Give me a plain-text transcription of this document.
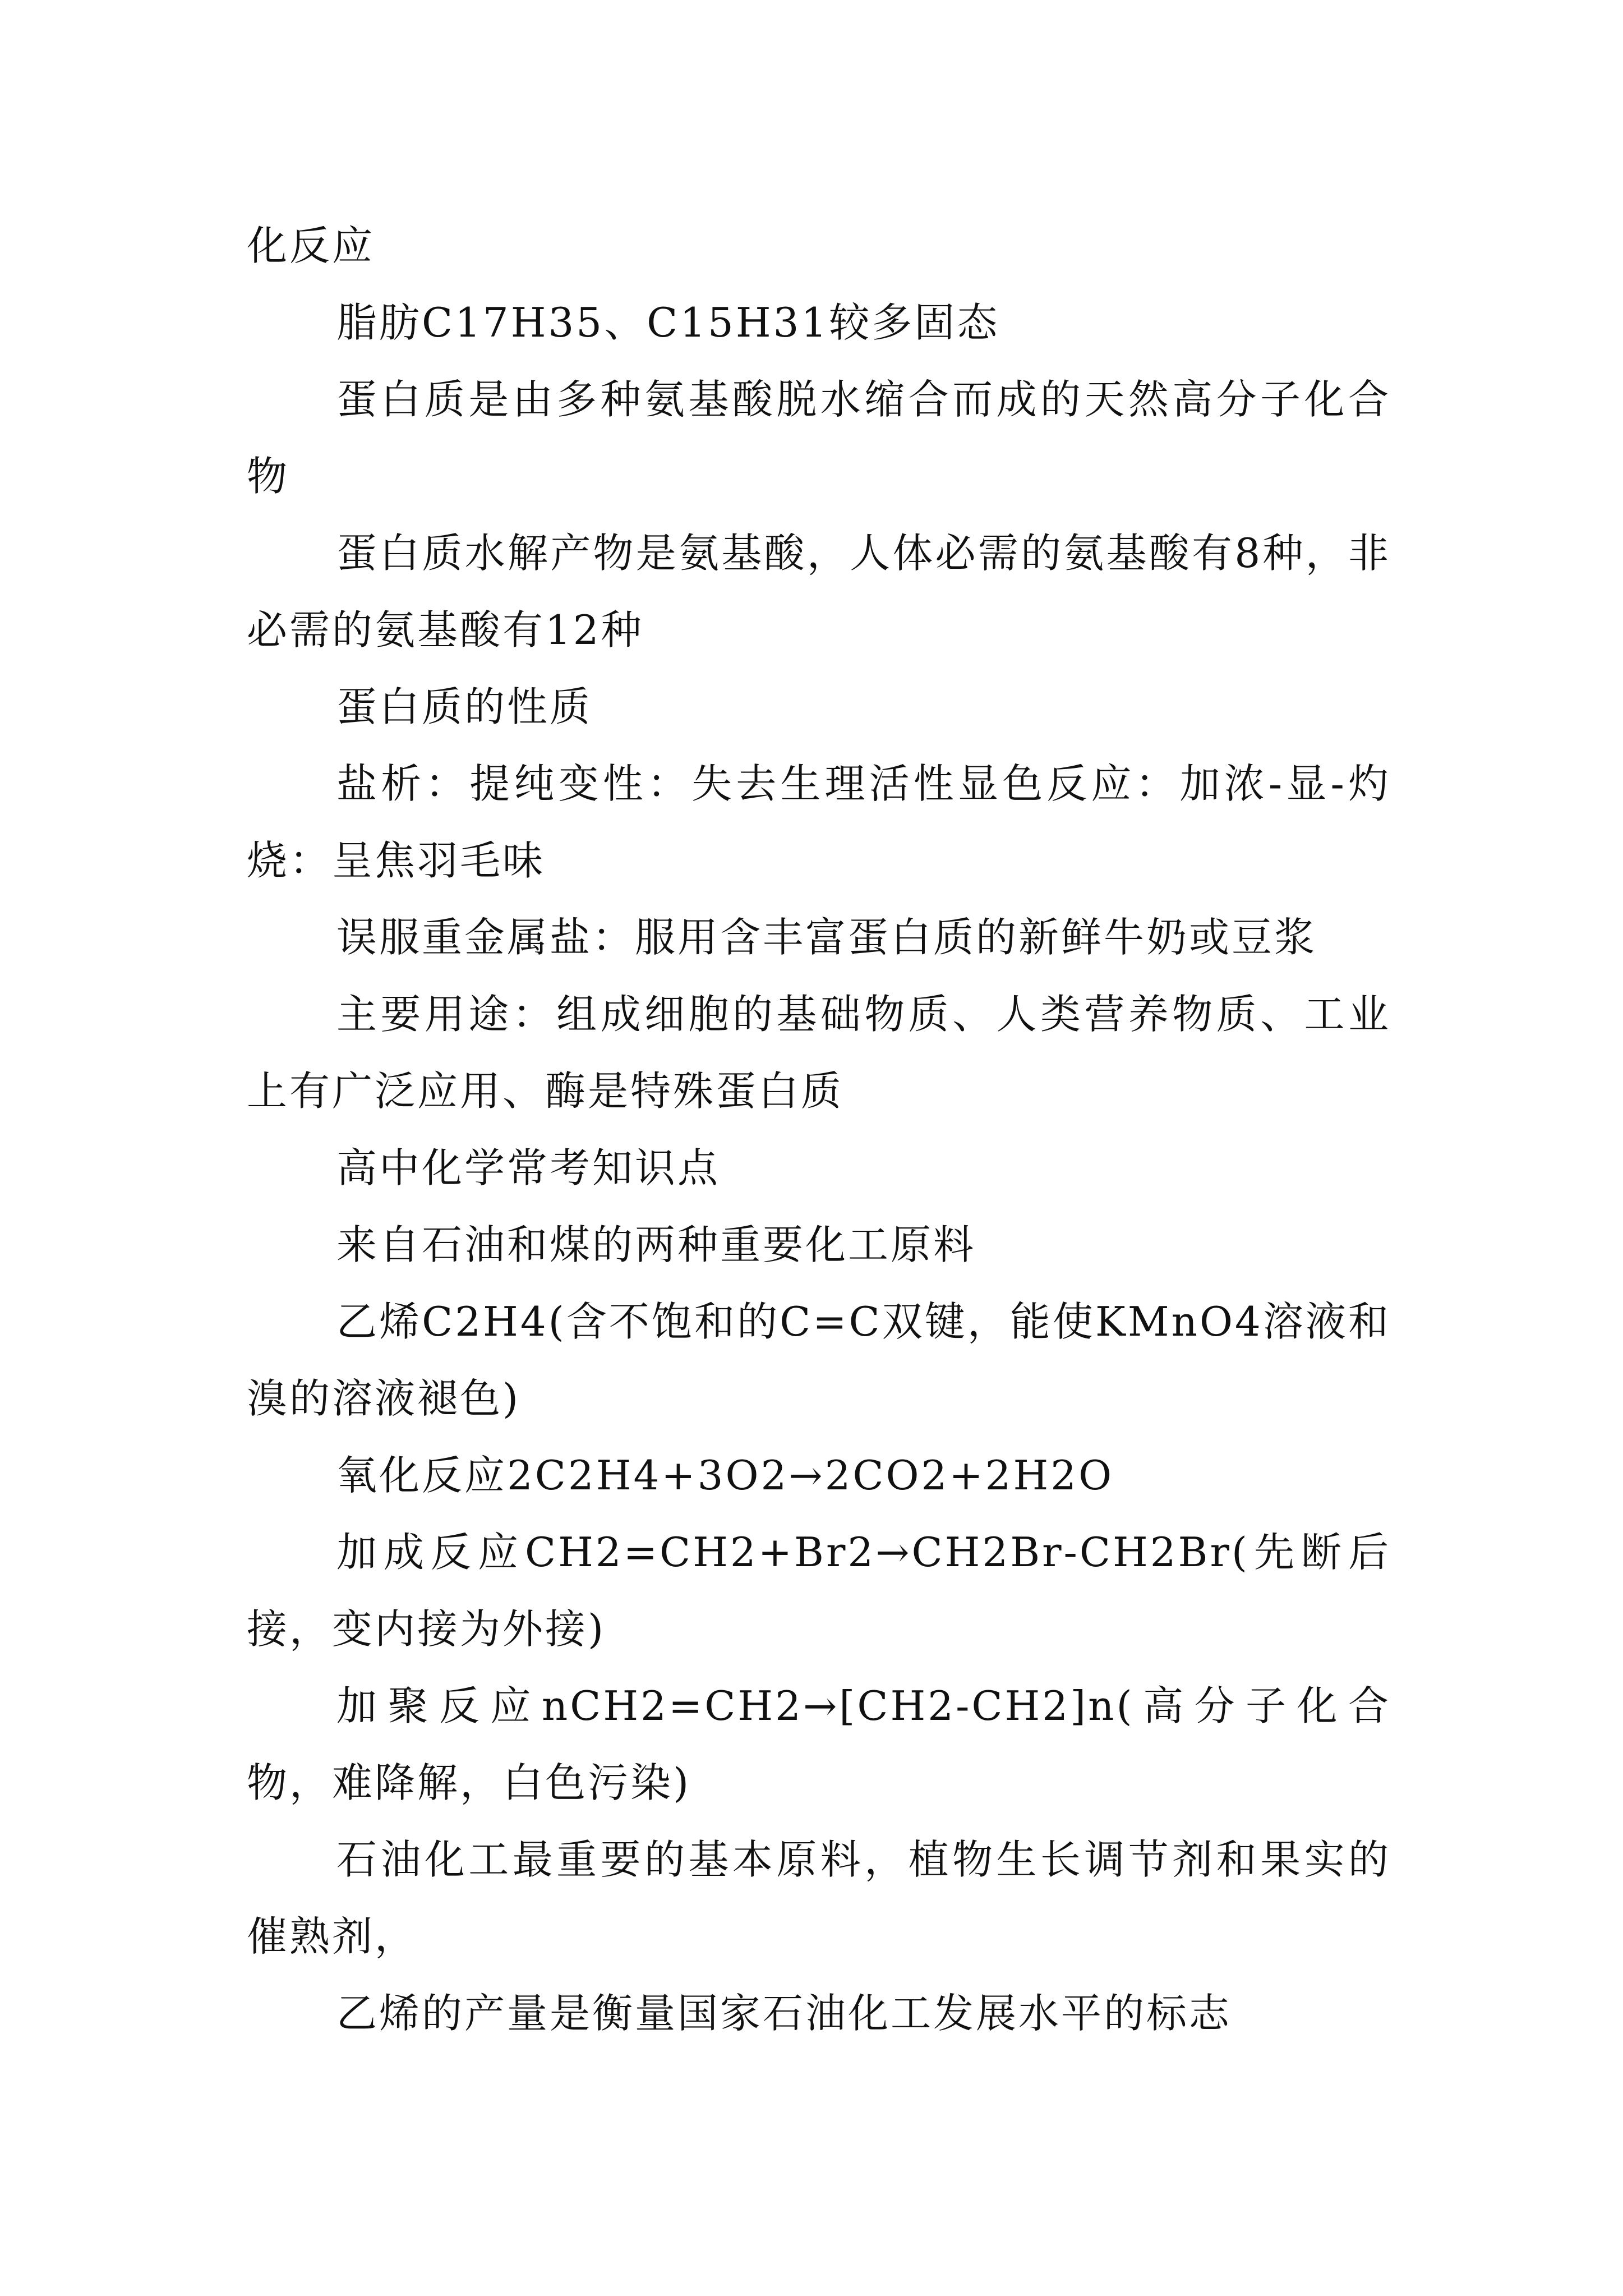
化反应

脂肪C17H35、C15H31较多固态

蛋白质是由多种氨基酸脱水缩合而成的天然高分子化合物

蛋白质水解产物是氨基酸，人体必需的氨基酸有8种，非必需的氨基酸有12种

蛋白质的性质

盐析：提纯变性：失去生理活性显色反应：加浓-显-灼烧：呈焦羽毛味

误服重金属盐：服用含丰富蛋白质的新鲜牛奶或豆浆

主要用途：组成细胞的基础物质、人类营养物质、工业上有广泛应用、酶是特殊蛋白质

高中化学常考知识点

来自石油和煤的两种重要化工原料

乙烯C2H4(含不饱和的C=C双键，能使KMnO4溶液和溴的溶液褪色)

氧化反应2C2H4+3O2→2CO2+2H2O

加成反应CH2=CH2+Br2→CH2Br-CH2Br(先断后接，变内接为外接)

加聚反应nCH2=CH2→[CH2-CH2]n(高分子化合物，难降解，白色污染)

石油化工最重要的基本原料，植物生长调节剂和果实的催熟剂，

乙烯的产量是衡量国家石油化工发展水平的标志
